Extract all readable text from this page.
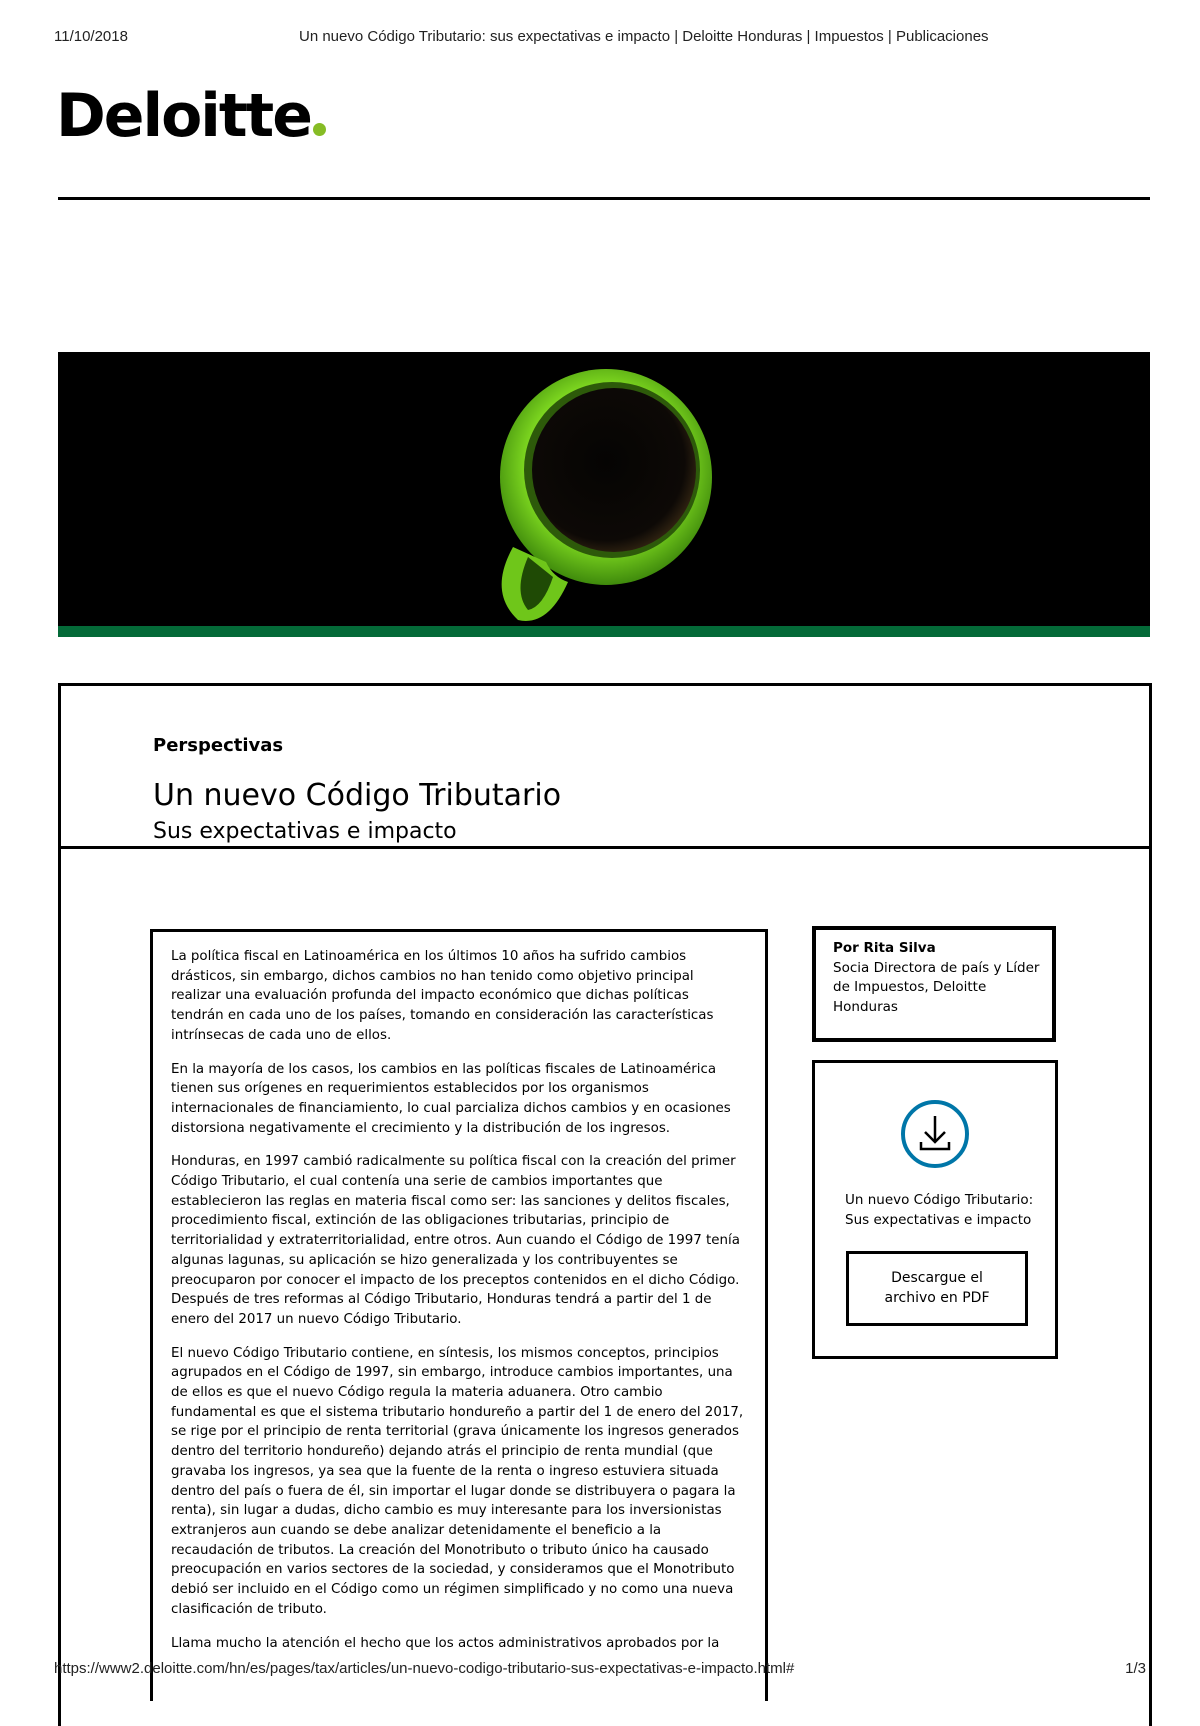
11/10/2018	Un nuevo Código Tributario: sus expectativas e impacto | Deloitte Honduras | Impuestos | Publicaciones
Deloitte
Perspectivas
Un nuevo Código Tributario
Sus expectativas e impacto

La política fiscal en Latinoamérica en los últimos 10 años ha sufrido cambios drásticos, sin embargo, dichos cambios no han tenido como objetivo principal realizar una evaluación profunda del impacto económico que dichas políticas tendrán en cada uno de los países, tomando en consideración las características intrínsecas de cada uno de ellos.

En la mayoría de los casos, los cambios en las políticas fiscales de Latinoamérica tienen sus orígenes en requerimientos establecidos por los organismos internacionales de financiamiento, lo cual parcializa dichos cambios y en ocasiones distorsiona negativamente el crecimiento y la distribución de los ingresos.

Honduras, en 1997 cambió radicalmente su política fiscal con la creación del primer Código Tributario, el cual contenía una serie de cambios importantes que establecieron las reglas en materia fiscal como ser: las sanciones y delitos fiscales, procedimiento fiscal, extinción de las obligaciones tributarias, principio de territorialidad y extraterritorialidad, entre otros. Aun cuando el Código de 1997 tenía algunas lagunas, su aplicación se hizo generalizada y los contribuyentes se preocuparon por conocer el impacto de los preceptos contenidos en el dicho Código. Después de tres reformas al Código Tributario, Honduras tendrá a partir del 1 de enero del 2017 un nuevo Código Tributario.

El nuevo Código Tributario contiene, en síntesis, los mismos conceptos, principios agrupados en el Código de 1997, sin embargo, introduce cambios importantes, una de ellos es que el nuevo Código regula la materia aduanera. Otro cambio fundamental es que el sistema tributario hondureño a partir del 1 de enero del 2017, se rige por el principio de renta territorial (grava únicamente los ingresos generados dentro del territorio hondureño) dejando atrás el principio de renta mundial (que gravaba los ingresos, ya sea que la fuente de la renta o ingreso estuviera situada dentro del país o fuera de él, sin importar el lugar donde se distribuyera o pagara la renta), sin lugar a dudas, dicho cambio es muy interesante para los inversionistas extranjeros aun cuando se debe analizar detenidamente el beneficio a la recaudación de tributos. La creación del Monotributo o tributo único ha causado preocupación en varios sectores de la sociedad, y consideramos que el Monotributo debió ser incluido en el Código como un régimen simplificado y no como una nueva clasificación de tributo.

Llama mucho la atención el hecho que los actos administrativos aprobados por la

Por Rita Silva
Socia Directora de país y Líder de Impuestos, Deloitte Honduras
Un nuevo Código Tributario: Sus expectativas e impacto
Descargue el archivo en PDF
https://www2.deloitte.com/hn/es/pages/tax/articles/un-nuevo-codigo-tributario-sus-expectativas-e-impacto.html#	1/3
